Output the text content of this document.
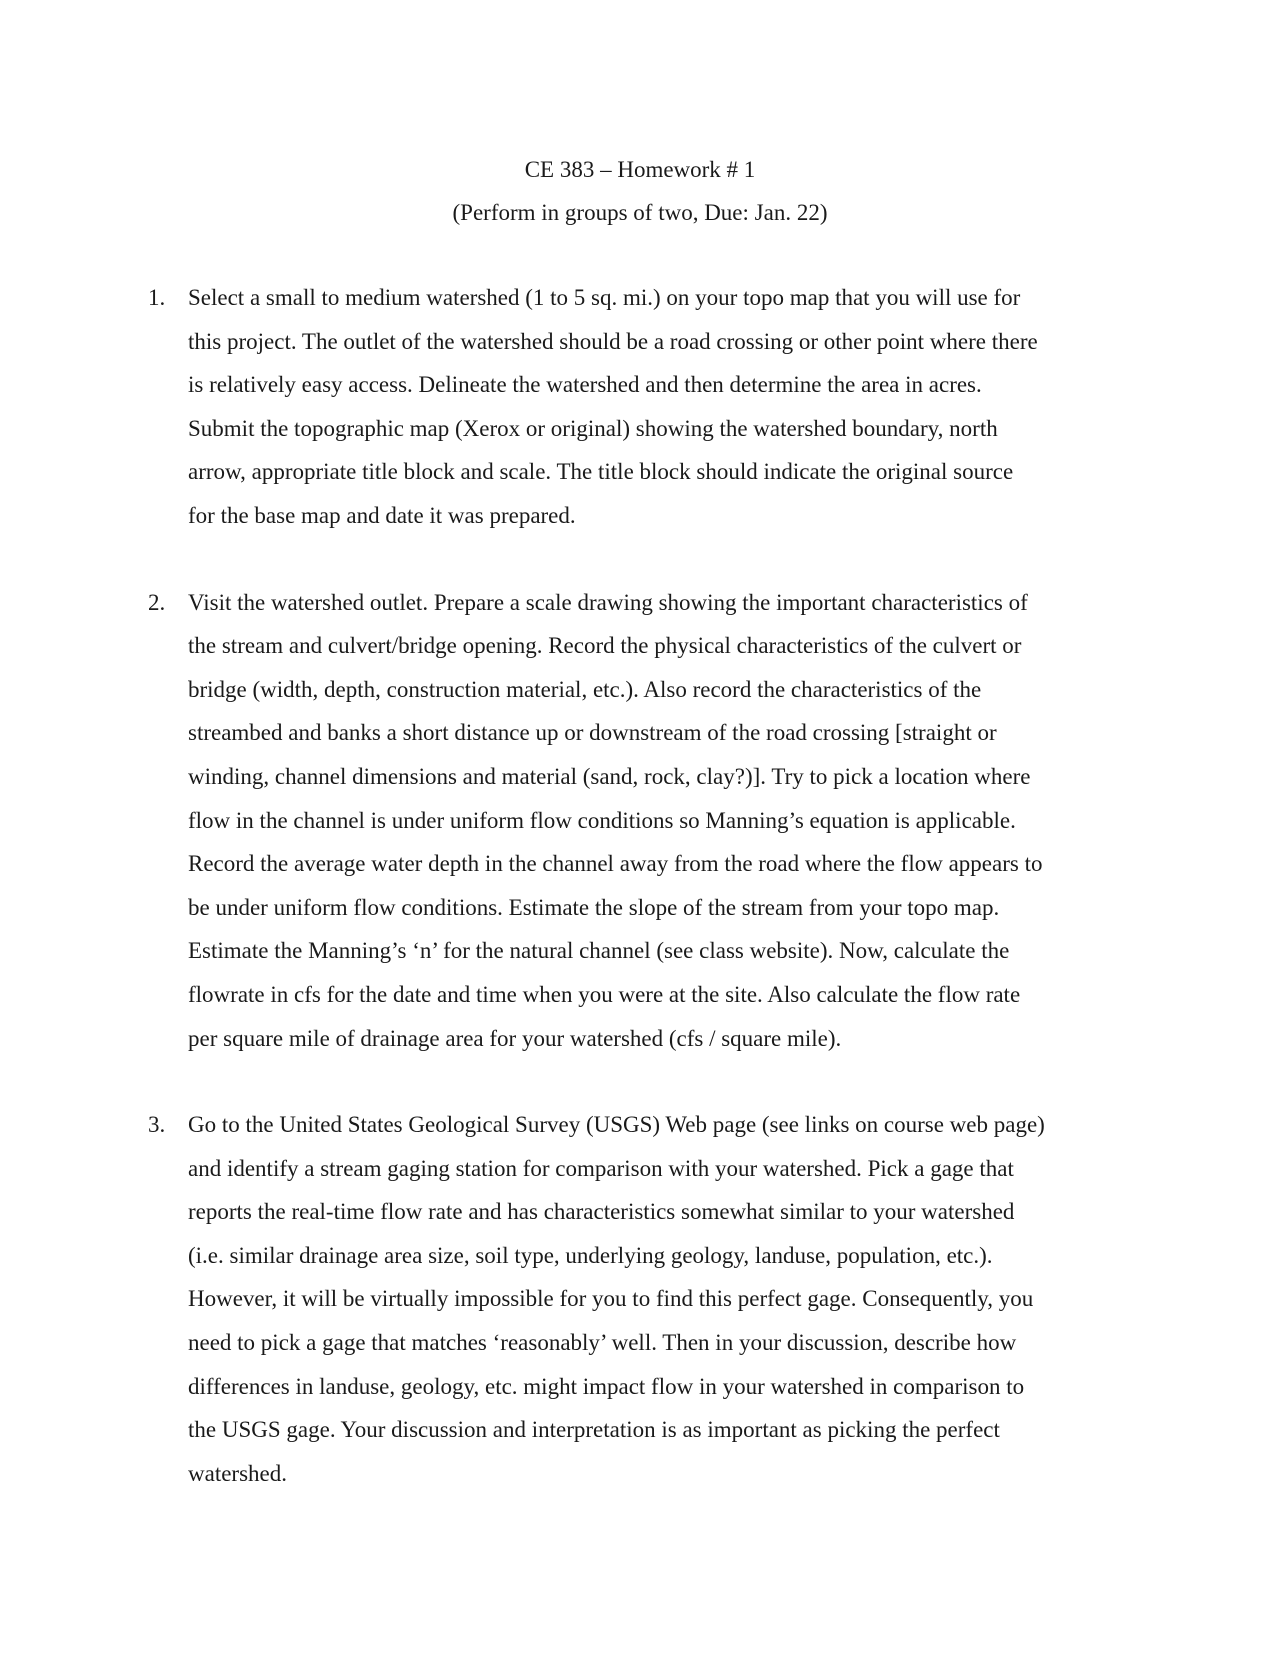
CE 383 – Homework # 1
(Perform in groups of two, Due: Jan. 22)
1. Select a small to medium watershed (1 to 5 sq. mi.) on your topo map that you will use for
this project. The outlet of the watershed should be a road crossing or other point where there
is relatively easy access. Delineate the watershed and then determine the area in acres.
Submit the topographic map (Xerox or original) showing the watershed boundary, north
arrow, appropriate title block and scale. The title block should indicate the original source
for the base map and date it was prepared.
2. Visit the watershed outlet. Prepare a scale drawing showing the important characteristics of
the stream and culvert/bridge opening. Record the physical characteristics of the culvert or
bridge (width, depth, construction material, etc.). Also record the characteristics of the
streambed and banks a short distance up or downstream of the road crossing [straight or
winding, channel dimensions and material (sand, rock, clay?)]. Try to pick a location where
flow in the channel is under uniform flow conditions so Manning’s equation is applicable.
Record the average water depth in the channel away from the road where the flow appears to
be under uniform flow conditions. Estimate the slope of the stream from your topo map.
Estimate the Manning’s ‘n’ for the natural channel (see class website). Now, calculate the
flowrate in cfs for the date and time when you were at the site. Also calculate the flow rate
per square mile of drainage area for your watershed (cfs / square mile).
3. Go to the United States Geological Survey (USGS) Web page (see links on course web page)
and identify a stream gaging station for comparison with your watershed. Pick a gage that
reports the real-time flow rate and has characteristics somewhat similar to your watershed
(i.e. similar drainage area size, soil type, underlying geology, landuse, population, etc.).
However, it will be virtually impossible for you to find this perfect gage. Consequently, you
need to pick a gage that matches ‘reasonably’ well. Then in your discussion, describe how
differences in landuse, geology, etc. might impact flow in your watershed in comparison to
the USGS gage. Your discussion and interpretation is as important as picking the perfect
watershed.
